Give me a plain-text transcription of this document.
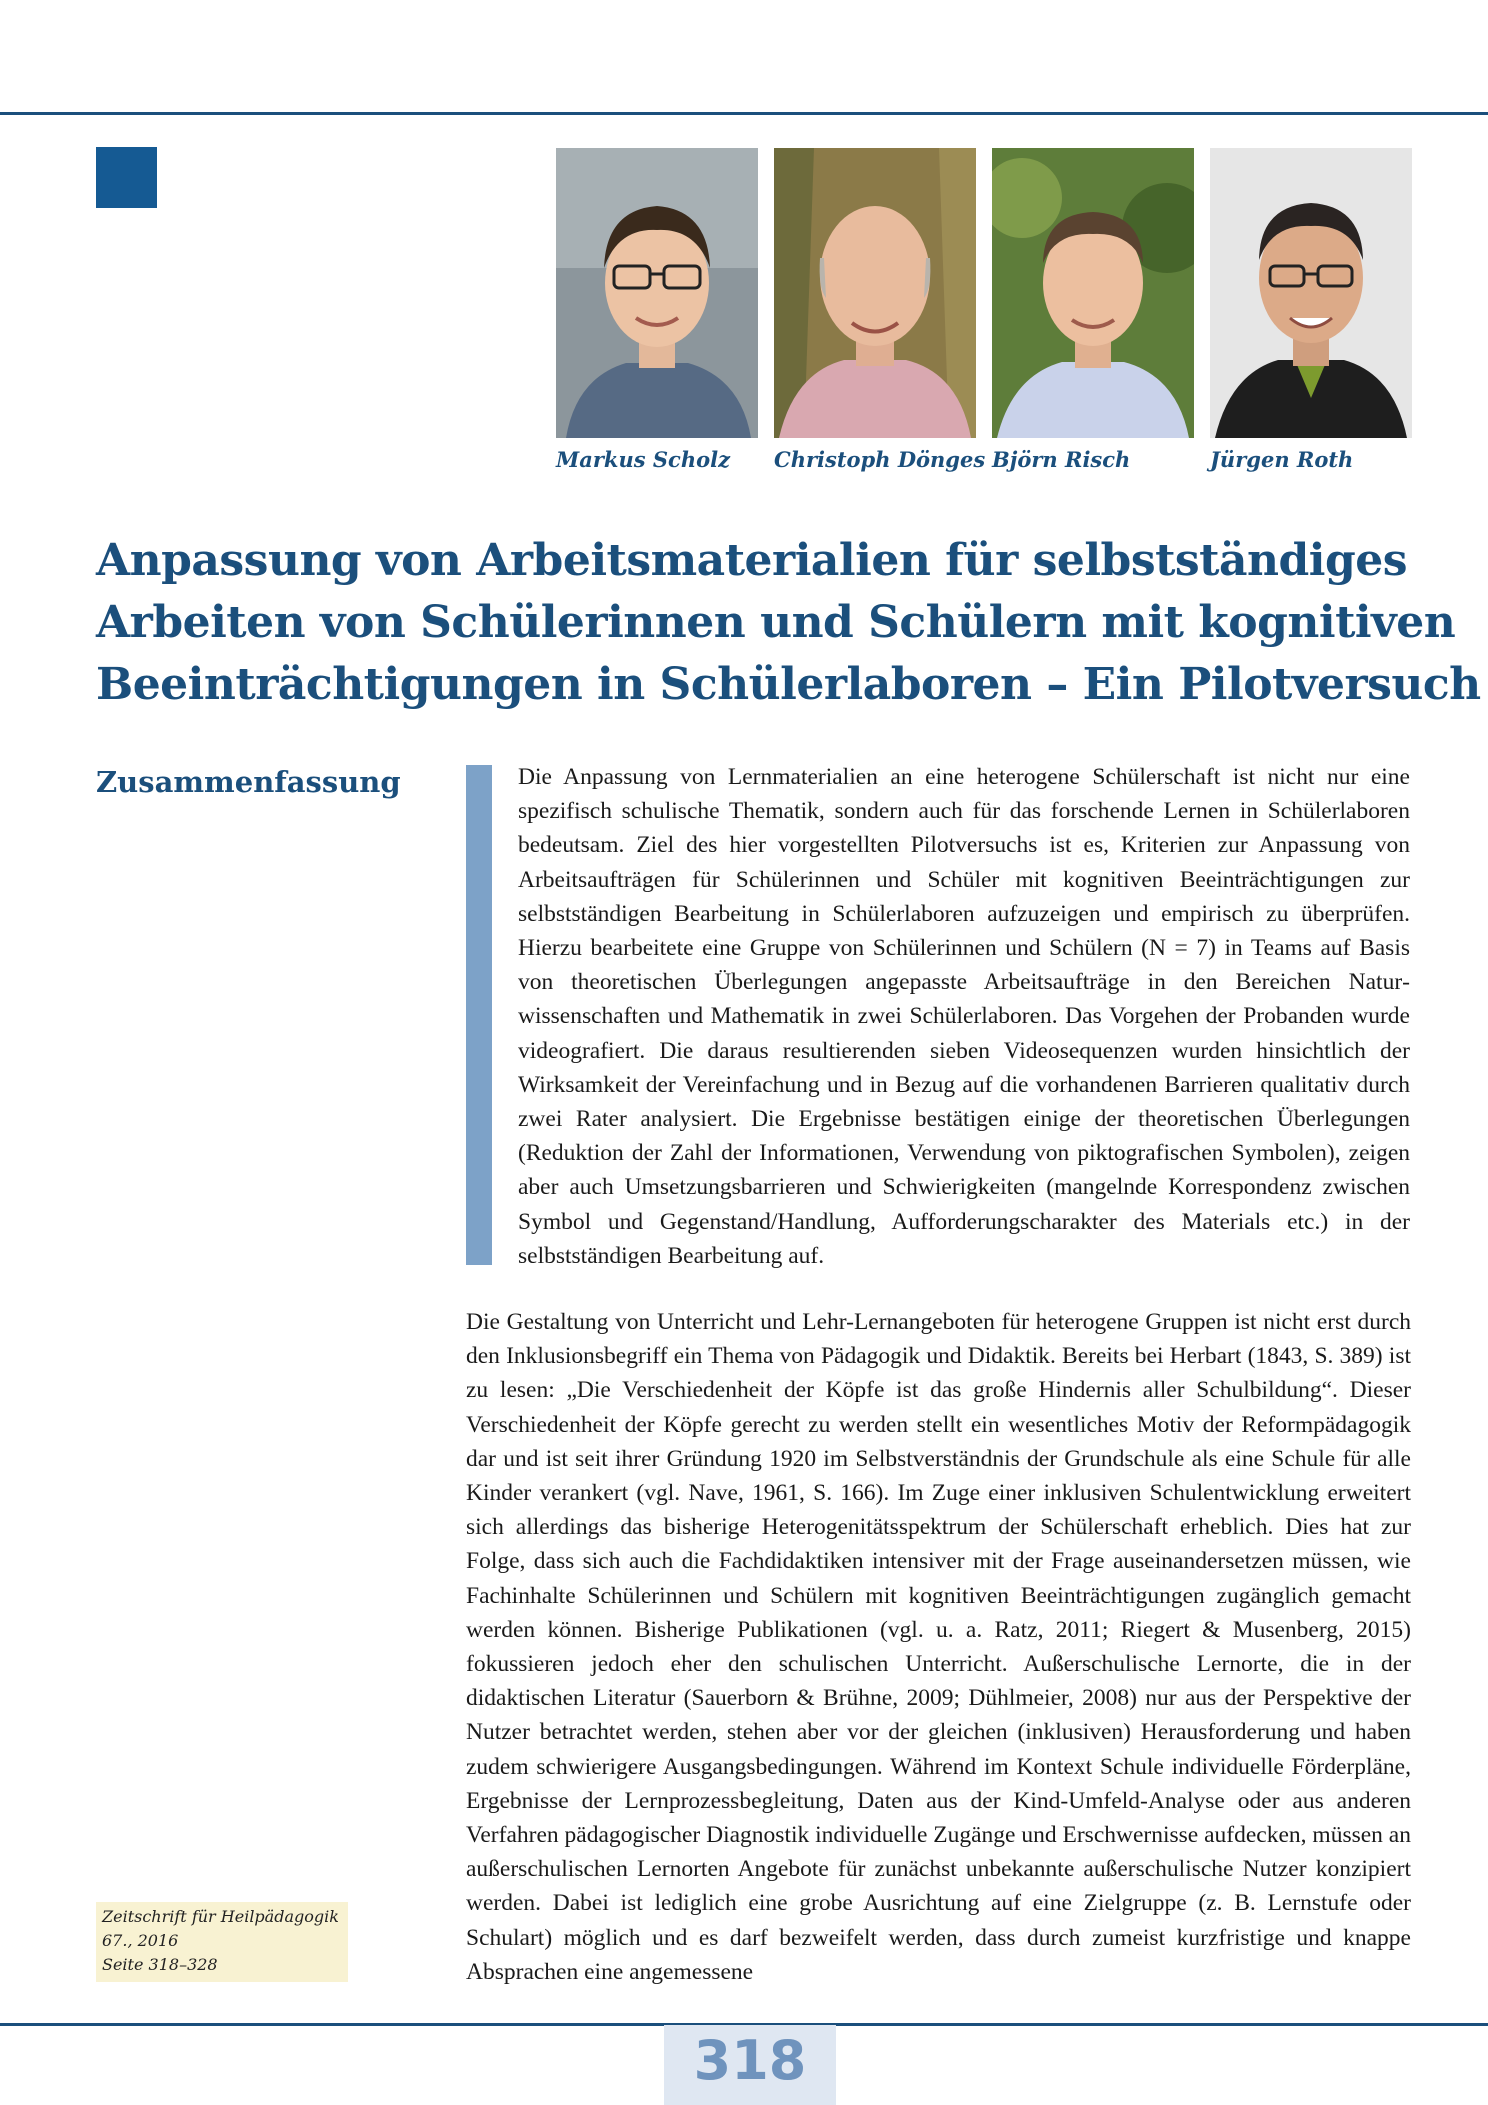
Markus Scholz	Christoph Dönges Björn Risch	Jürgen Roth
Anpassung von Arbeitsmaterialien für selbstständiges
Arbeiten von Schülerinnen und Schülern mit kognitiven
Beeinträchtigungen in Schülerlaboren – Ein Pilotversuch
Zusammenfassung	Die Anpassung von Lernmaterialien an eine heterogene Schülerschaft ist nicht nur eine spezifisch schulische Thematik, sondern auch für das forschende Lernen in Schülerlaboren bedeutsam. Ziel des hier vorgestellten Pilotversuchs ist es, Kriterien zur Anpassung von Arbeitsaufträgen für Schülerinnen und Schüler mit kognitiven Beeinträchtigungen zur selbstständigen Bearbeitung in Schülerlaboren aufzuzeigen und empirisch zu überprüfen. Hierzu bearbeitete eine Gruppe von Schülerinnen und Schülern (N = 7) in Teams auf Basis von theoretischen Überlegungen angepasste Arbeitsaufträge in den Bereichen Naturwissenschaften und Mathematik in zwei Schülerlaboren. Das Vorgehen der Probanden wurde videografiert. Die daraus resultierenden sieben Videosequenzen wurden hinsichtlich der Wirksamkeit der Vereinfachung und in Bezug auf die vorhandenen Barrieren qualitativ durch zwei Rater analysiert. Die Ergebnisse bestätigen einige der theoretischen Überlegungen (Reduktion der Zahl der Informationen, Verwendung von piktografischen Symbolen), zeigen aber auch Umsetzungsbarrieren und Schwierigkeiten (mangelnde Korrespondenz zwischen Symbol und Gegenstand/Handlung, Aufforderungscharakter des Materials etc.) in der selbstständigen Bearbeitung auf.

Die Gestaltung von Unterricht und Lehr-Lernangeboten für heterogene Gruppen ist nicht erst durch den Inklusionsbegriff ein Thema von Pädagogik und Didaktik. Bereits bei Herbart (1843, S. 389) ist zu lesen: „Die Verschiedenheit der Köpfe ist das große Hindernis aller Schulbildung“. Dieser Verschiedenheit der Köpfe gerecht zu werden stellt ein wesentliches Motiv der Reformpädagogik dar und ist seit ihrer Gründung 1920 im Selbstverständnis der Grundschule als eine Schule für alle Kinder verankert (vgl. Nave, 1961, S. 166). Im Zuge einer inklusiven Schulentwicklung erweitert sich allerdings das bisherige Heterogenitätsspektrum der Schülerschaft erheblich. Dies hat zur Folge, dass sich auch die Fachdidaktiken intensiver mit der Frage auseinandersetzen müssen, wie Fachinhalte Schülerinnen und Schülern mit kognitiven Beeinträchtigungen zugänglich gemacht werden können. Bisherige Publikationen (vgl. u. a. Ratz, 2011; Riegert & Musenberg, 2015) fokussieren jedoch eher den schulischen Unterricht. Außerschulische Lernorte, die in der didaktischen Literatur (Sauerborn & Brühne, 2009; Dühlmeier, 2008) nur aus der Perspektive der Nutzer betrachtet werden, stehen aber vor der gleichen (inklusiven) Herausforderung und haben zudem schwierigere Ausgangsbedingungen. Während im Kontext Schule individuelle Förderpläne, Ergebnisse der Lernprozessbegleitung, Daten aus der Kind-Umfeld-Analyse oder aus anderen Verfahren pädagogischer Diagnostik individuelle Zugänge und Erschwernisse aufdecken, müssen an außerschulischen Lernorten Angebote für zunächst unbekannte außerschulische Nutzer konzipiert werden. Dabei ist lediglich eine grobe Ausrichtung auf eine Zielgruppe (z. B. Lernstufe oder Schulart) möglich und es darf bezweifelt werden, dass durch zumeist kurzfristige und knappe Absprachen eine angemessene

Zeitschrift für Heilpädagogik
67., 2016
Seite 318–328
318
